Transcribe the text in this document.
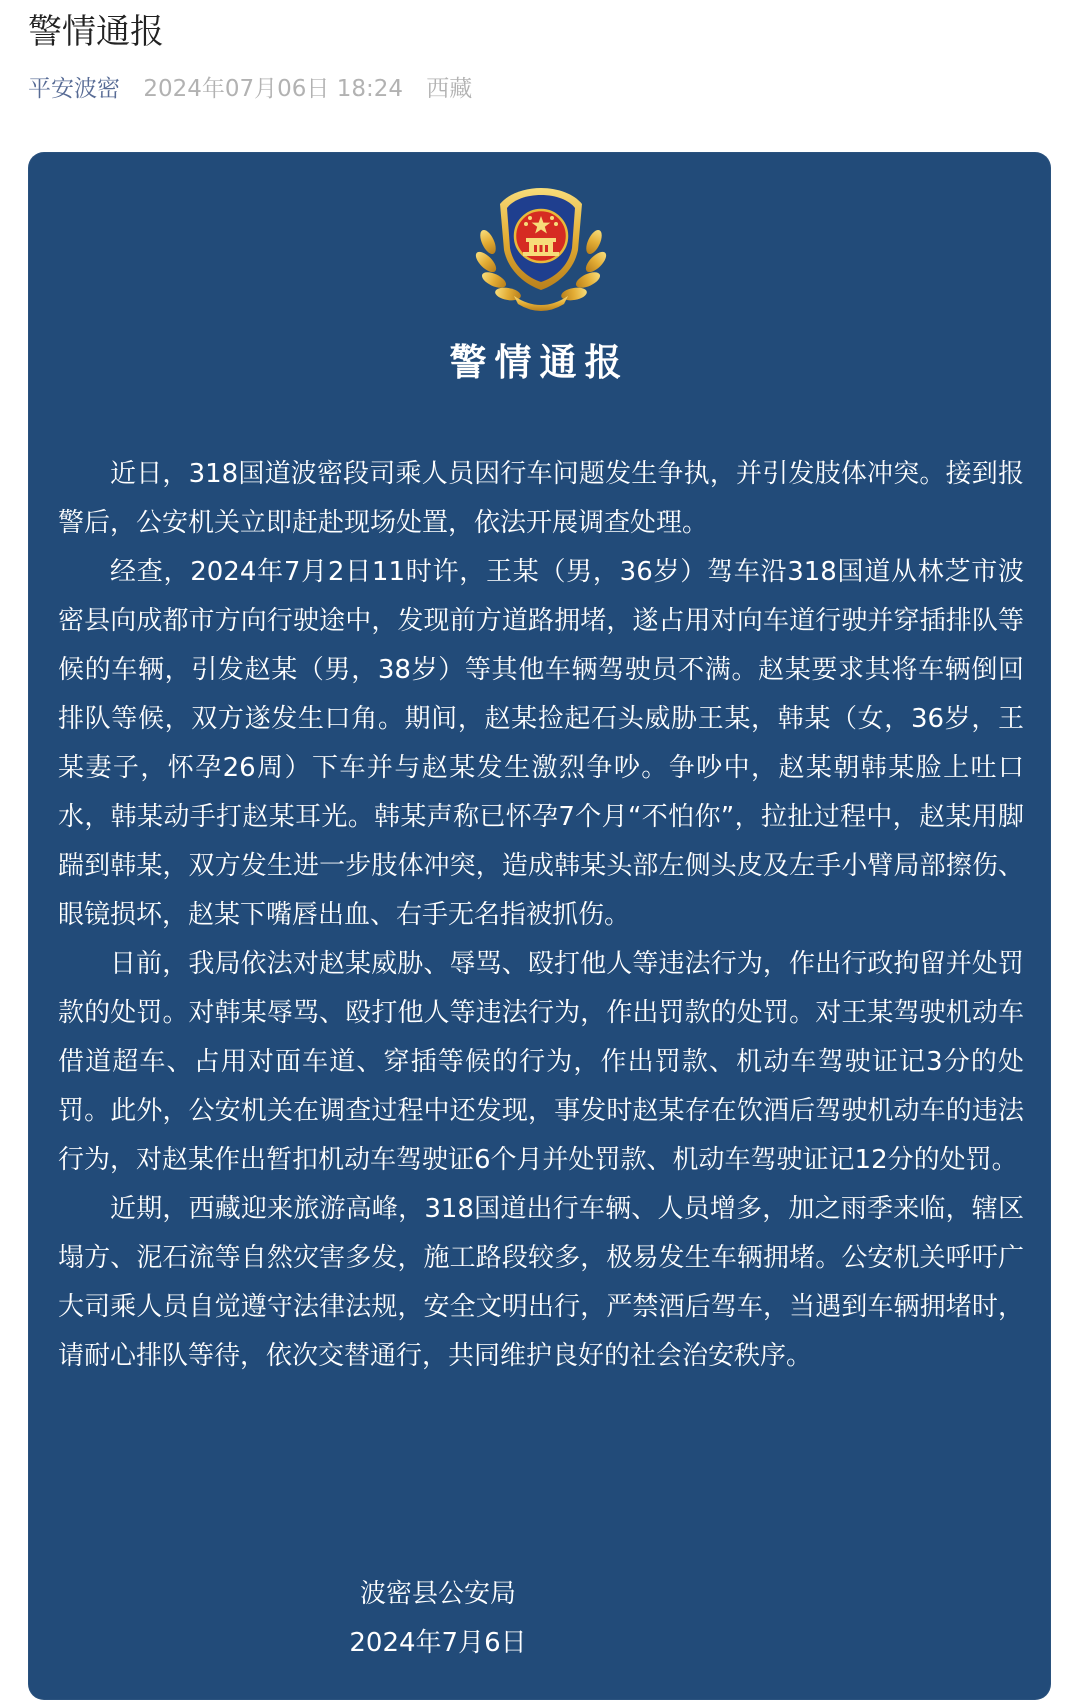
警情通报
平安波密 2024年07月06日 18:24 西藏
警情通报

近日，318国道波密段司乘人员因行车问题发生争执，并引发肢体冲突。接到报警后，公安机关立即赶赴现场处置，依法开展调查处理。

经查，2024年7月2日11时许，王某（男，36岁）驾车沿318国道从林芝市波密县向成都市方向行驶途中，发现前方道路拥堵，遂占用对向车道行驶并穿插排队等候的车辆，引发赵某（男，38岁）等其他车辆驾驶员不满。赵某要求其将车辆倒回排队等候，双方遂发生口角。期间，赵某捡起石头威胁王某，韩某（女，36岁，王某妻子，怀孕26周）下车并与赵某发生激烈争吵。争吵中，赵某朝韩某脸上吐口水，韩某动手打赵某耳光。韩某声称已怀孕7个月“不怕你”，拉扯过程中，赵某用脚踹到韩某，双方发生进一步肢体冲突，造成韩某头部左侧头皮及左手小臂局部擦伤、眼镜损坏，赵某下嘴唇出血、右手无名指被抓伤。

日前，我局依法对赵某威胁、辱骂、殴打他人等违法行为，作出行政拘留并处罚款的处罚。对韩某辱骂、殴打他人等违法行为，作出罚款的处罚。对王某驾驶机动车借道超车、占用对面车道、穿插等候的行为，作出罚款、机动车驾驶证记3分的处罚。此外，公安机关在调查过程中还发现，事发时赵某存在饮酒后驾驶机动车的违法行为，对赵某作出暂扣机动车驾驶证6个月并处罚款、机动车驾驶证记12分的处罚。

近期，西藏迎来旅游高峰，318国道出行车辆、人员增多，加之雨季来临，辖区塌方、泥石流等自然灾害多发，施工路段较多，极易发生车辆拥堵。公安机关呼吁广大司乘人员自觉遵守法律法规，安全文明出行，严禁酒后驾车，当遇到车辆拥堵时，请耐心排队等待，依次交替通行，共同维护良好的社会治安秩序。

波密县公安局
2024年7月6日
